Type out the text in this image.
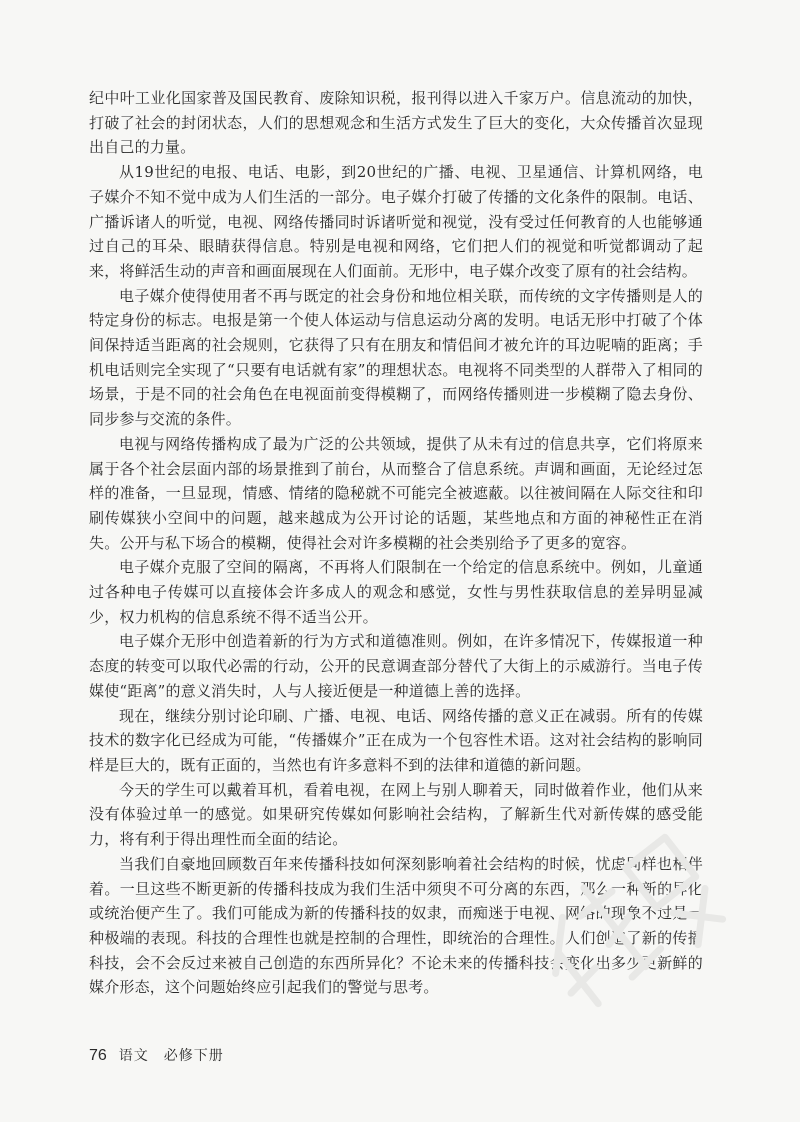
纪中叶工业化国家普及国民教育、废除知识税，报刊得以进入千家万户。信息流动的加快，打破了社会的封闭状态，人们的思想观念和生活方式发生了巨大的变化，大众传播首次显现出自己的力量。

从19世纪的电报、电话、电影，到20世纪的广播、电视、卫星通信、计算机网络，电子媒介不知不觉中成为人们生活的一部分。电子媒介打破了传播的文化条件的限制。电话、广播诉诸人的听觉，电视、网络传播同时诉诸听觉和视觉，没有受过任何教育的人也能够通过自己的耳朵、眼睛获得信息。特别是电视和网络，它们把人们的视觉和听觉都调动了起来，将鲜活生动的声音和画面展现在人们面前。无形中，电子媒介改变了原有的社会结构。

电子媒介使得使用者不再与既定的社会身份和地位相关联，而传统的文字传播则是人的特定身份的标志。电报是第一个使人体运动与信息运动分离的发明。电话无形中打破了个体间保持适当距离的社会规则，它获得了只有在朋友和情侣间才被允许的耳边呢喃的距离；手机电话则完全实现了“只要有电话就有家”的理想状态。电视将不同类型的人群带入了相同的场景，于是不同的社会角色在电视面前变得模糊了，而网络传播则进一步模糊了隐去身份、同步参与交流的条件。

电视与网络传播构成了最为广泛的公共领域，提供了从未有过的信息共享，它们将原来属于各个社会层面内部的场景推到了前台，从而整合了信息系统。声调和画面，无论经过怎样的准备，一旦显现，情感、情绪的隐秘就不可能完全被遮蔽。以往被间隔在人际交往和印刷传媒狭小空间中的问题，越来越成为公开讨论的话题，某些地点和方面的神秘性正在消失。公开与私下场合的模糊，使得社会对许多模糊的社会类别给予了更多的宽容。

电子媒介克服了空间的隔离，不再将人们限制在一个给定的信息系统中。例如，儿童通过各种电子传媒可以直接体会许多成人的观念和感觉，女性与男性获取信息的差异明显减少，权力机构的信息系统不得不适当公开。

电子媒介无形中创造着新的行为方式和道德准则。例如，在许多情况下，传媒报道一种态度的转变可以取代必需的行动，公开的民意调查部分替代了大街上的示威游行。当电子传媒使“距离”的意义消失时，人与人接近便是一种道德上善的选择。

现在，继续分别讨论印刷、广播、电视、电话、网络传播的意义正在减弱。所有的传媒技术的数字化已经成为可能，“传播媒介”正在成为一个包容性术语。这对社会结构的影响同样是巨大的，既有正面的，当然也有许多意料不到的法律和道德的新问题。

今天的学生可以戴着耳机，看着电视，在网上与别人聊着天，同时做着作业，他们从来没有体验过单一的感觉。如果研究传媒如何影响社会结构，了解新生代对新传媒的感受能力，将有利于得出理性而全面的结论。

当我们自豪地回顾数百年来传播科技如何深刻影响着社会结构的时候，忧虑同样也相伴着。一旦这些不断更新的传播科技成为我们生活中须臾不可分离的东西，那么一种新的异化或统治便产生了。我们可能成为新的传播科技的奴隶，而痴迷于电视、网络的现象不过是一种极端的表现。科技的合理性也就是控制的合理性，即统治的合理性。人们创造了新的传播科技，会不会反过来被自己创造的东西所异化？不论未来的传播科技会变化出多少更新鲜的媒介形态，这个问题始终应引起我们的警觉与思考。

76 语文　必修下册
